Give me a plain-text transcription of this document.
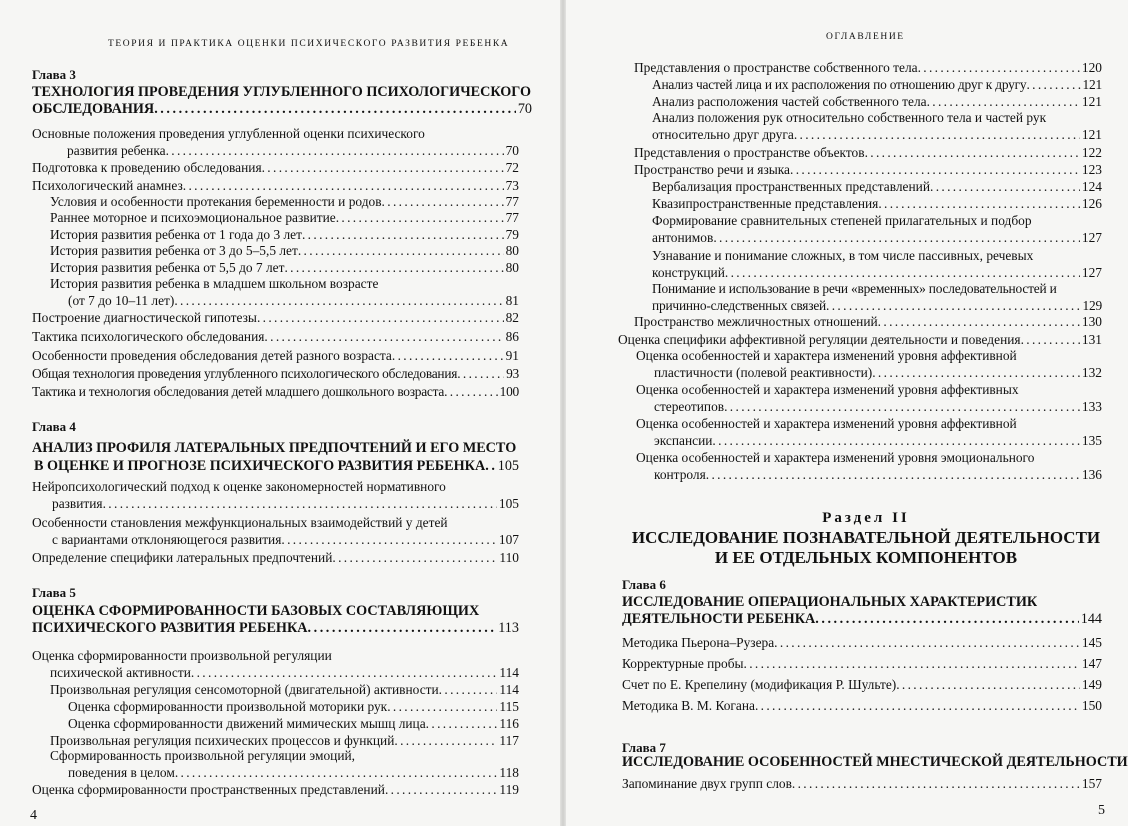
ТЕОРИЯ И ПРАКТИКА ОЦЕНКИ ПСИХИЧЕСКОГО РАЗВИТИЯ РЕБЕНКА
Глава 3
ТЕХНОЛОГИЯ ПРОВЕДЕНИЯ УГЛУБЛЕННОГО ПСИХОЛОГИЧЕСКОГО
ОБСЛЕДОВАНИЯ . . .	70
Основные положения проведения углубленной оценки психического
развития ребенка . . .	70
Подготовка к проведению обследования . . .	72
Психологический анамнез . . .	73
Условия и особенности протекания беременности и родов . . .	77
Раннее моторное и психоэмоциональное развитие . . .	77
История развития ребенка от 1 года до 3 лет . . .	79
История развития ребенка от 3 до 5–5,5 лет . . .	80
История развития ребенка от 5,5 до 7 лет . . .	80
История развития ребенка в младшем школьном возрасте
(от 7 до 10–11 лет) . . .	81
Построение диагностической гипотезы . . .	82
Тактика психологического обследования . . .	86
Особенности проведения обследования детей разного возраста . . .	91
Общая технология проведения углубленного психологического обследования . . .	93
Тактика и технология обследования детей младшего дошкольного возраста . . .	100
Глава 4
АНАЛИЗ ПРОФИЛЯ ЛАТЕРАЛЬНЫХ ПРЕДПОЧТЕНИЙ И ЕГО МЕСТО
В ОЦЕНКЕ И ПРОГНОЗЕ ПСИХИЧЕСКОГО РАЗВИТИЯ РЕБЕНКА . . . 105
Нейропсихологический подход к оценке закономерностей нормативного
развития . . .	105
Особенности становления межфункциональных взаимодействий у детей
с вариантами отклоняющегося развития . . .	107
Определение специфики латеральных предпочтений . . .	110
Глава 5
ОЦЕНКА СФОРМИРОВАННОСТИ БАЗОВЫХ СОСТАВЛЯЮЩИХ
ПСИХИЧЕСКОГО РАЗВИТИЯ РЕБЕНКА . . .	113
Оценка сформированности произвольной регуляции
психической активности . . .	114
Произвольная регуляция сенсомоторной (двигательной) активности . . .	114
Оценка сформированности произвольной моторики рук . . .	115
Оценка сформированности движений мимических мышц лица . . .	116
Произвольная регуляция психических процессов и функций . . .	117
Сформированность произвольной регуляции эмоций,
поведения в целом . . .	118
Оценка сформированности пространственных представлений . . .	119
4
ОГЛАВЛЕНИЕ
Представления о пространстве собственного тела . . .	120
Анализ частей лица и их расположения по отношению друг к другу . . .	121
Анализ расположения частей собственного тела . . .	121
Анализ положения рук относительно собственного тела и частей рук
относительно друг друга . . .	121
Представления о пространстве объектов . . .	122
Пространство речи и языка . . .	123
Вербализация пространственных представлений . . .	124
Квазипространственные представления . . .	126
Формирование сравнительных степеней прилагательных и подбор
антонимов . . .	127
Узнавание и понимание сложных, в том числе пассивных, речевых
конструкций . . .	127
Понимание и использование в речи «временных» последовательностей и
причинно-следственных связей . . .	129
Пространство межличностных отношений . . .	130
Оценка специфики аффективной регуляции деятельности и поведения . . .	131
Оценка особенностей и характера изменений уровня аффективной
пластичности (полевой реактивности) . . .	132
Оценка особенностей и характера изменений уровня аффективных
стереотипов . . .	133
Оценка особенностей и характера изменений уровня аффективной
экспансии . . .	135
Оценка особенностей и характера изменений уровня эмоционального
контроля . . .	136
Раздел II
ИССЛЕДОВАНИЕ ПОЗНАВАТЕЛЬНОЙ ДЕЯТЕЛЬНОСТИ
И ЕЕ ОТДЕЛЬНЫХ КОМПОНЕНТОВ
Глава 6
ИССЛЕДОВАНИЕ ОПЕРАЦИОНАЛЬНЫХ ХАРАКТЕРИСТИК
ДЕЯТЕЛЬНОСТИ РЕБЕНКА . . .	144
Методика Пьерона–Рузера . . .	145
Корректурные пробы . . .	147
Счет по Е. Крепелину (модификация Р. Шульте) . . .	149
Методика В. М. Когана . . .	150
Глава 7
ИССЛЕДОВАНИЕ ОСОБЕННОСТЕЙ МНЕСТИЧЕСКОЙ ДЕЯТЕЛЬНОСТИ
Запоминание двух групп слов . . .	157
5
